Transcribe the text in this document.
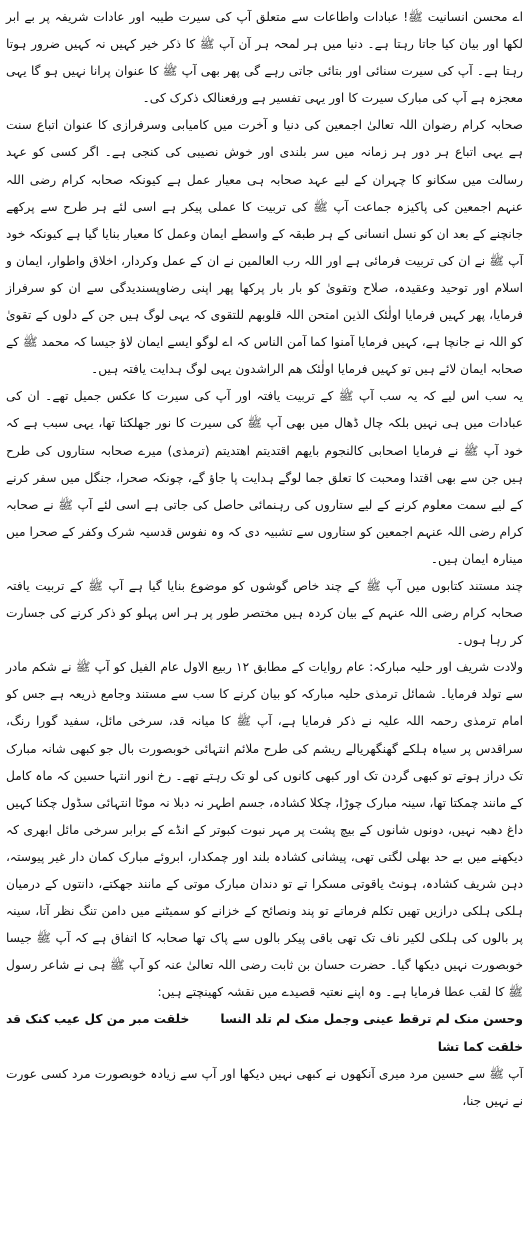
اے محسن انسانیت ﷺ! عبادات واطاعات سے متعلق آپ کی سیرت طیبہ اور عادات شریفہ پر بے ابر لکھا اور بیان کیا جاتا رہتا ہے۔ دنیا میں ہر لمحہ ہر آن آپ ﷺ کا ذکر خیر کہیں نہ کہیں ضرور ہوتا رہتا ہے۔ آپ کی سیرت سنائی اور بتائی جاتی رہے گی پھر بھی آپ ﷺ کا عنوان پرانا نہیں ہو گا یہی معجزہ ہے آپ کی مبارک سیرت کا اور یہی تفسیر ہے ورفعنالک ذکرک کی۔

صحابہ کرام رضوان اللہ تعالیٰ اجمعین کی دنیا و آخرت میں کامیابی وسرفرازی کا عنوان اتباع سنت ہے یہی اتباع ہر دور ہر زمانہ میں سر بلندی اور خوش نصیبی کی کنجی ہے۔ اگر کسی کو عہد رسالت میں سکانو کا چہران کے لیے عہد صحابہ ہی معیار عمل ہے کیونکہ صحابہ کرام رضی اللہ عنہم اجمعین کی پاکیزہ جماعت آپ ﷺ کی تربیت کا عملی پیکر ہے اسی لئے ہر طرح سے پرکھے جانچنے کے بعد ان کو نسل انسانی کے ہر طبقہ کے واسطے ایمان وعمل کا معیار بنایا گیا ہے کیونکہ خود آپ ﷺ نے ان کی تربیت فرمائی ہے اور اللہ رب العالمین نے ان کے عمل وکردار، اخلاق واطوار، ایمان و اسلام اور توحید وعقیدہ، صلاح وتقویٰ کو بار بار پرکھا پھر اپنی رضاوپسندیدگی سے ان کو سرفراز فرمایا، پھر کہیں فرمایا اولٰئک الذین امتحن اللہ قلوبھم للتقوی کہ یہی لوگ ہیں جن کے دلوں کے تقویٰ کو اللہ نے جانچا ہے، کہیں فرمایا آمنوا کما آمن الناس کہ اے لوگو ایسے ایمان لاؤ جیسا کہ محمد ﷺ کے صحابہ ایمان لائے ہیں تو کہیں فرمایا اولٰئک ھم الراشدون یہی لوگ ہدایت یافتہ ہیں۔

یہ سب اس لیے کہ یہ سب آپ ﷺ کے تربیت یافتہ اور آپ کی سیرت کا عکس جمیل تھے۔ ان کی عبادات میں ہی نہیں بلکہ چال ڈھال میں بھی آپ ﷺ کی سیرت کا نور جھلکتا تھا، یہی سبب ہے کہ خود آپ ﷺ نے فرمایا اصحابی کالنجوم بایھم اقتدیتم اھتدیتم (ترمذی) میرے صحابہ ستاروں کی طرح ہیں جن سے بھی اقتدا ومحبت کا تعلق جما لوگے ہدایت پا جاؤ گے، چونکہ صحرا، جنگل میں سفر کرنے کے لیے سمت معلوم کرنے کے لیے ستاروں کی رہنمائی حاصل کی جاتی ہے اسی لئے آپ ﷺ نے صحابہ کرام رضی اللہ عنہم اجمعین کو ستاروں سے تشبیہ دی کہ وہ نفوس قدسیہ شرک وکفر کے صحرا میں مینارہ ایمان ہیں۔

چند مستند کتابوں میں آپ ﷺ کے چند خاص گوشوں کو موضوع بنایا گیا ہے آپ ﷺ کے تربیت یافتہ صحابہ کرام رضی اللہ عنہم کے بیان کردہ ہیں مختصر طور پر ہر اس پہلو کو ذکر کرنے کی جسارت کر رہا ہوں۔

ولادت شریف اور حلیہ مبارکہ: عام روایات کے مطابق ۱۲ ربیع الاول عام الفیل کو آپ ﷺ نے شکم مادر سے تولد فرمایا۔ شمائل ترمذی حلیہ مبارکہ کو بیان کرنے کا سب سے مستند وجامع ذریعہ ہے جس کو امام ترمذی رحمہ اللہ علیہ نے ذکر فرمایا ہے، آپ ﷺ کا میانہ قد، سرخی مائل، سفید گورا رنگ، سراقدس پر سیاہ ہلکے گھنگھریالے ریشم کی طرح ملائم انتہائی خوبصورت بال جو کبھی شانہ مبارک تک دراز ہوتے تو کبھی گردن تک اور کبھی کانوں کی لو تک رہتے تھے۔ رخ انور انتہا حسین کہ ماہ کامل کے مانند چمکتا تھا، سینہ مبارک چوڑا، چکلا کشادہ، جسم اطہر نہ دبلا نہ موٹا انتہائی سڈول چکنا کہیں داغ دھبہ نہیں، دونوں شانوں کے بیچ پشت پر مہر نبوت کبوتر کے انڈے کے برابر سرخی مائل ابھری کہ دیکھنے میں بے حد بھلی لگتی تھی، پیشانی کشادہ بلند اور چمکدار، ابروئے مبارک کمان دار غیر پیوستہ، دہن شریف کشادہ، ہونٹ یاقوتی مسکرا تے تو دندان مبارک موتی کے مانند جھکتے، دانتوں کے درمیان ہلکی ہلکی درازیں تھیں تکلم فرماتے تو پند ونصائح کے خزانے کو سمیٹنے میں دامن تنگ نظر آتا، سینہ پر بالوں کی ہلکی لکیر ناف تک تھی باقی پیکر بالوں سے پاک تھا صحابہ کا اتفاق ہے کہ آپ ﷺ جیسا خوبصورت نہیں دیکھا گیا۔ حضرت حسان بن ثابت رضی اللہ تعالیٰ عنہ کو آپ ﷺ ہی نے شاعر رسول ﷺ کا لقب عطا فرمایا ہے۔ وہ اپنے نعتیہ قصیدے میں نقشہ کھینچتے ہیں:

وحسن منک لم ترقط عینی وجمل منک لم تلد النسا
خلقت مبر من کل عیب کنک قد

خلقت کما تشا

آپ ﷺ سے حسین مرد میری آنکھوں نے کبھی نہیں دیکھا اور آپ سے زیادہ خوبصورت مرد کسی عورت نے نہیں جنا،
